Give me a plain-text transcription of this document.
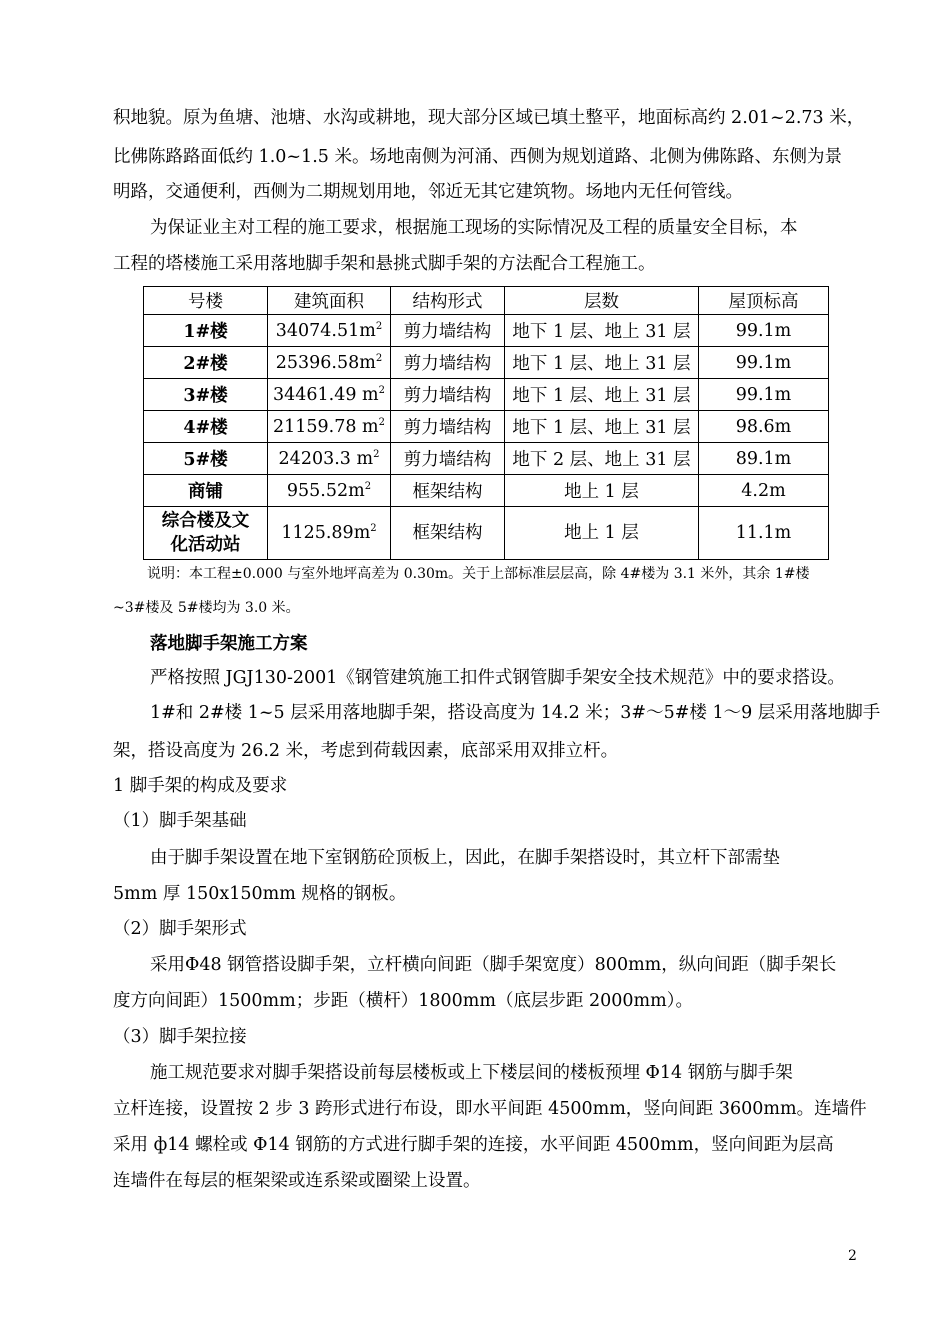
积地貌。原为鱼塘、池塘、水沟或耕地，现大部分区域已填土整平，地面标高约 2.01~2.73 米，
比佛陈路路面低约 1.0~1.5 米。场地南侧为河涌、西侧为规划道路、北侧为佛陈路、东侧为景
明路，交通便利，西侧为二期规划用地，邻近无其它建筑物。场地内无任何管线。
为保证业主对工程的施工要求，根据施工现场的实际情况及工程的质量安全目标，本
工程的塔楼施工采用落地脚手架和悬挑式脚手架的方法配合工程施工。
号楼	建筑面积	结构形式	层数	屋顶标高
1#楼	$34074.51m^2$	剪力墙结构	地下 1 层、地上 31 层	99.1m
2#楼	$25396.58m^2$	剪力墙结构	地下 1 层、地上 31 层	99.1m
3#楼	34461.49 $m^2$	剪力墙结构	地下 1 层、地上 31 层	99.1m
4#楼	21159.78 $m^2$	剪力墙结构	地下 1 层、地上 31 层	98.6m
5#楼	24203.3 $m^2$	剪力墙结构	地下 2 层、地上 31 层	89.1m
商铺	$955.52m^2$	框架结构	地上 1 层	4.2m
综合楼及文
化活动站	$1125.89m^2$	框架结构	地上 1 层	11.1m
说明：本工程±0.000 与室外地坪高差为 0.30m。关于上部标准层层高，除 4#楼为 3.1 米外，其余 1#楼
~3#楼及 5#楼均为 3.0 米。
落地脚手架施工方案
严格按照 JGJ130-2001《钢管建筑施工扣件式钢管脚手架安全技术规范》中的要求搭设。
1#和 2#楼 1~5 层采用落地脚手架，搭设高度为 14.2 米；3#～5#楼 1～9 层采用落地脚手
架，搭设高度为 26.2 米，考虑到荷载因素，底部采用双排立杆。
1 脚手架的构成及要求
（1）脚手架基础
由于脚手架设置在地下室钢筋砼顶板上，因此，在脚手架搭设时，其立杆下部需垫
5mm 厚 150x150mm 规格的钢板。
（2）脚手架形式
采用Φ48 钢管搭设脚手架，立杆横向间距（脚手架宽度）800mm，纵向间距（脚手架长
度方向间距）1500mm；步距（横杆）1800mm（底层步距 2000mm）。
（3）脚手架拉接
施工规范要求对脚手架搭设前每层楼板或上下楼层间的楼板预埋 Φ14 钢筋与脚手架
立杆连接，设置按 2 步 3 跨形式进行布设，即水平间距 4500mm，竖向间距 3600mm。连墙件
采用 ф14 螺栓或 Φ14 钢筋的方式进行脚手架的连接，水平间距 4500mm，竖向间距为层高
连墙件在每层的框架梁或连系梁或圈梁上设置。
2
